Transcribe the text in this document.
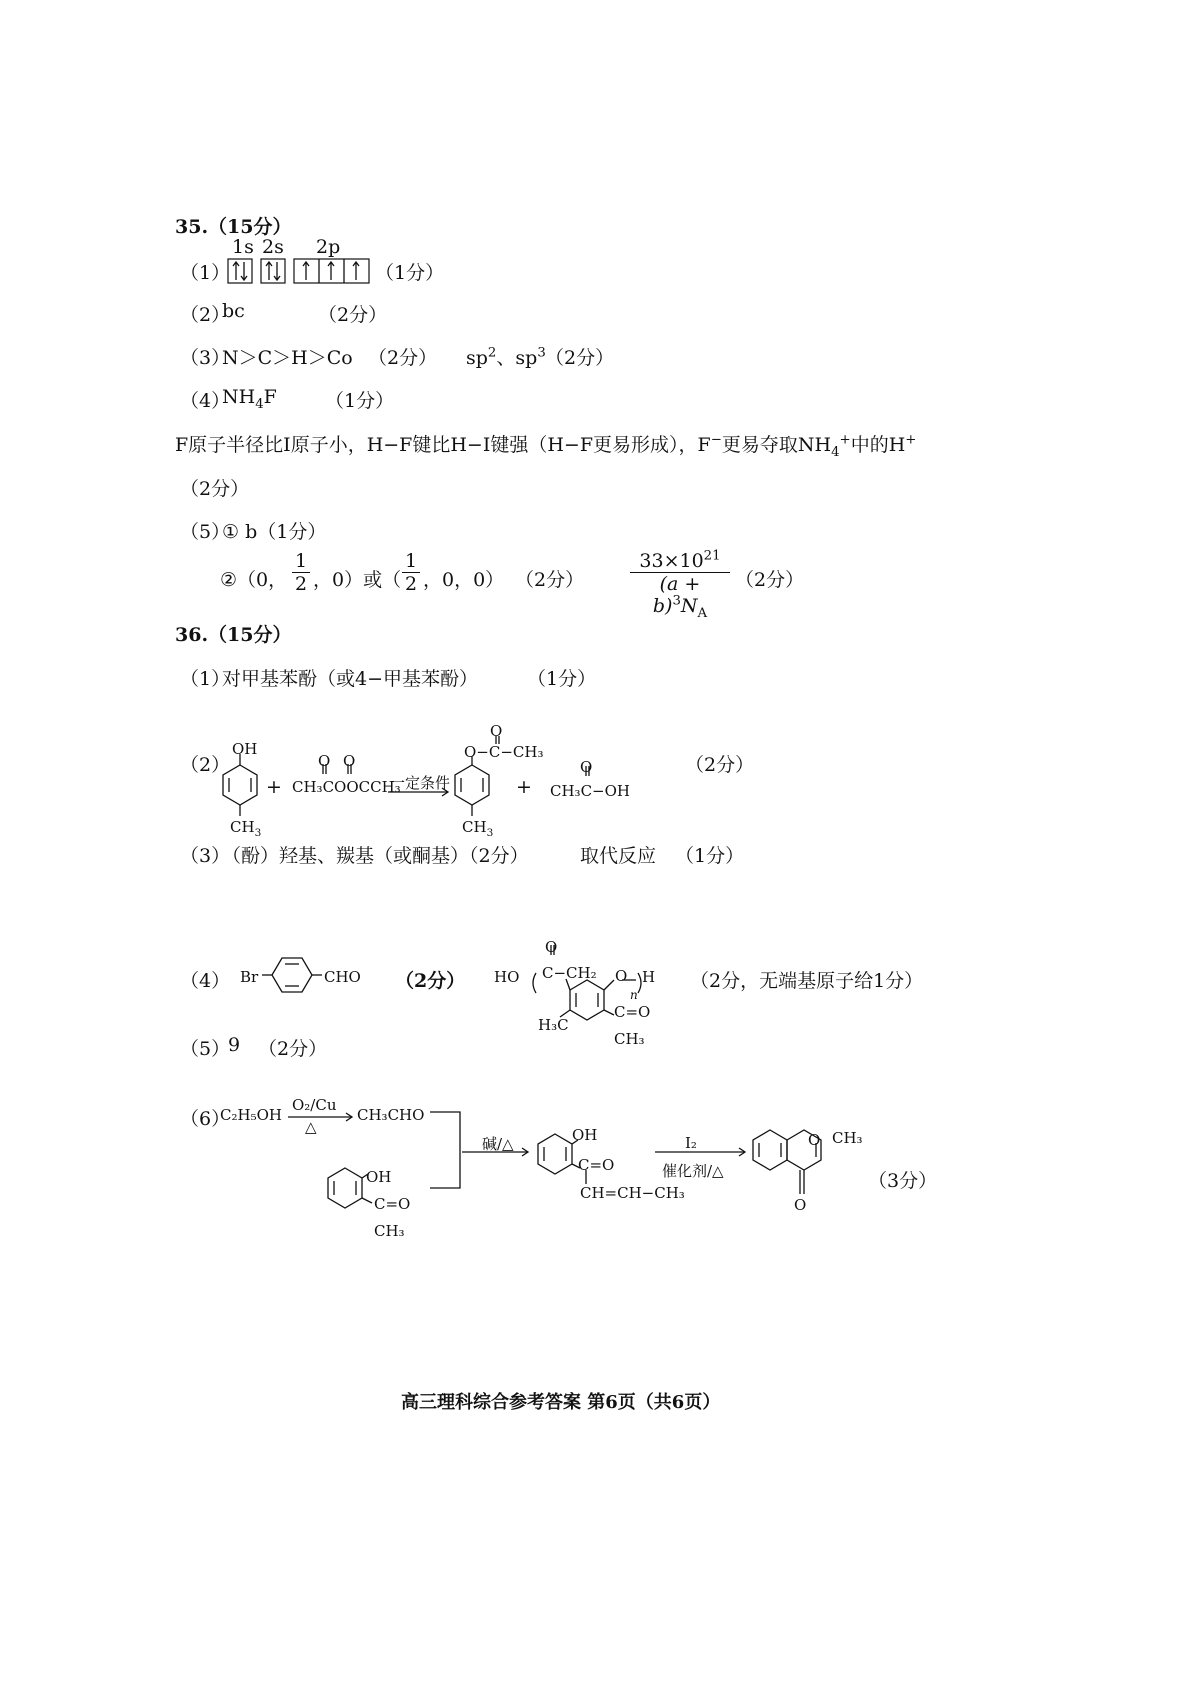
35.（15分）
（1）
1s 2s 2p
（1分）
（2）
bc	（2分）
（3）
N＞C＞H＞Co （2分） $sp^2$、$sp^3$ （2分）
（4）
$NH_4F$	（1分）
F原子半径比I原子小，H−F键比H−I键强（H−F更易形成），F−更易夺取$NH_4^+$中的H+
（2分）
（5）
① b（1分）
②（0， $\frac{1}{2}$ ，0）或（ $\frac{1}{2}$ ，0，0） （2分） $\frac{33\times 10^{21}}{(a + b)^3N_A} (2$分）
36.（15分）
（1）
对甲基苯酚（或4−甲基苯酚）	（1分）
（2）
OH
$CH_3$
+
O O
CH₃COOCCH₃
一定条件
O
O−C−CH₃
$CH_3$
+
O
CH₃C−OH
（2分）
（3）
（酚）羟基、羰基（或酮基）（2分）	取代反应 （1分）
（4） Br	CHO （2分） HO
O
C−CH₂ O H
n
H₃C
C=O
CH₃
（2分，无端基原子给1分）
（5）
9 （2分）
（6）
C₂H₅OH
O₂/Cu
△
CH₃CHO
碱/△	OH
C=O
CH=CH−CH₃
I₂
催化剂/△
O CH₃
O
OH
C=O
CH₃
（3分）
高三理科综合参考答案 第6页（共6页）
